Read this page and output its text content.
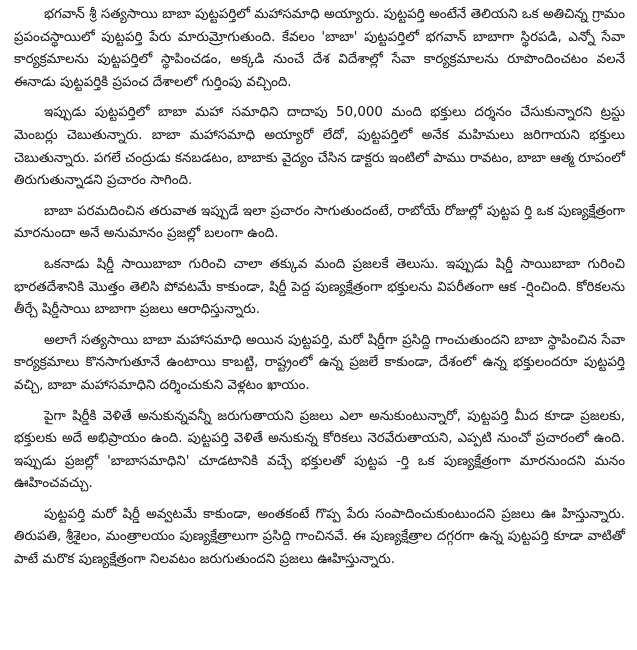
భగవాన్ శ్రీ సత్యసాయి బాబా పుట్టపర్తిలో మహాసమాధి అయ్యారు. పుట్టపర్తి అంటేనే తెలియని ఒక అతిచిన్న గ్రామం ప్రపంచస్థాయిలో పుట్టపర్తి పేరు మారుమ్రోగుతుంది. కేవలం 'బాబా' పుట్టపర్తిలో భగవాన్ బాబాగా స్థిరపడి, ఎన్నో సేవా కార్యక్రమాలను పుట్టపర్తిలో స్థాపించడం, అక్కడి నుంచే దేశ విదేశాల్లో సేవా కార్యక్రమాలను రూపొందించటం వలనే ఈనాడు పుట్టపర్తికి ప్రపంచ దేశాలలో గుర్తింపు వచ్చింది.

ఇప్పుడు పుట్టపర్తిలో బాబా మహా సమాధిని దాదాపు 50,000 మంది భక్తులు దర్శనం చేసుకున్నారని ట్రస్టు మెంబర్లు చెబుతున్నారు. బాబా మహాసమాధి అయ్యారో లేదో, పుట్టపర్తిలో అనేక మహిమలు జరిగాయని భక్తులు చెబుతున్నారు. పగలే చంద్రుడు కనబడటం, బాబాకు వైద్యం చేసిన డాక్టరు ఇంటిలో పాము రావటం, బాబా ఆత్మ రూపంలో తిరుగుతున్నాడని ప్రచారం సాగింది.

బాబా పరమదించిన తరువాత ఇప్పుడే ఇలా ప్రచారం సాగుతుందంటే, రాబోయే రోజుల్లో పుట్టప ర్తి ఒక పుణ్యక్షేత్రంగా మారనుందా అనే అనుమానం ప్రజల్లో బలంగా ఉంది.

ఒకనాడు షిర్డీ సాయిబాబా గురించి చాలా తక్కువ మంది ప్రజలకే తెలుసు. ఇప్పుడు షిర్డీ సాయిబాబా గురించి భారతదేశానికి మొత్తం తెలిసి పోవటమే కాకుండా, షిర్డీ పెద్ద పుణ్యక్షేత్రంగా భక్తులను విపరీతంగా ఆక -ర్షించింది. కోరికలను తీర్చే షిర్డీసాయి బాబాగా ప్రజలు ఆరాధిస్తున్నారు.

అలాగే సత్యసాయి బాబా మహాసమాధి అయిన పుట్టపర్తి, మరో షిర్డీగా ప్రసిద్ది గాంచుతుందని బాబా స్థాపించిన సేవా కార్యక్రమాలు కొనసాగుతూనే ఉంటాయి కాబట్టి, రాష్ట్రంలో ఉన్న ప్రజలే కాకుండా, దేశంలో ఉన్న భక్తులందరూ పుట్టపర్తి వచ్చి, బాబా మహాసమాధిని దర్శించుకుని వెళ్లటం ఖాయం.

పైగా షిర్డీకి వెళితే అనుకున్నవన్నీ జరుగుతాయని ప్రజలు ఎలా అనుకుంటున్నారో, పుట్టపర్తి మీద కూడా ప్రజలకు, భక్తులకు అదే అభిప్రాయం ఉంది. పుట్టపర్తి వెళితే అనుకున్న కోరికలు నెరవేరుతాయని, ఎప్పటి నుంచో ప్రచారంలో ఉంది. ఇప్పుడు ప్రజల్లో 'బాబాసమాధిని' చూడటానికి వచ్చే భక్తులతో పుట్టప -ర్తి ఒక పుణ్యక్షేత్రంగా మారనుందని మనం ఊహించవచ్చు.

పుట్టపర్తి మరో షిర్డీ అవ్వటమే కాకుండా, అంతకంటే గొప్ప పేరు సంపాదించుకుంటుందని ప్రజలు ఊ హిస్తున్నారు. తిరుపతి, శ్రీశైలం, మంత్రాలయం పుణ్యక్షేత్రాలుగా ప్రసిద్ది గాంచినవే. ఈ పుణ్యక్షేత్రాల దగ్గరగా ఉన్న పుట్టపర్తి కూడా వాటితో పాటే మరొక పుణ్యక్షేత్రంగా నిలవటం జరుగుతుందని ప్రజలు ఊహిస్తున్నారు.
